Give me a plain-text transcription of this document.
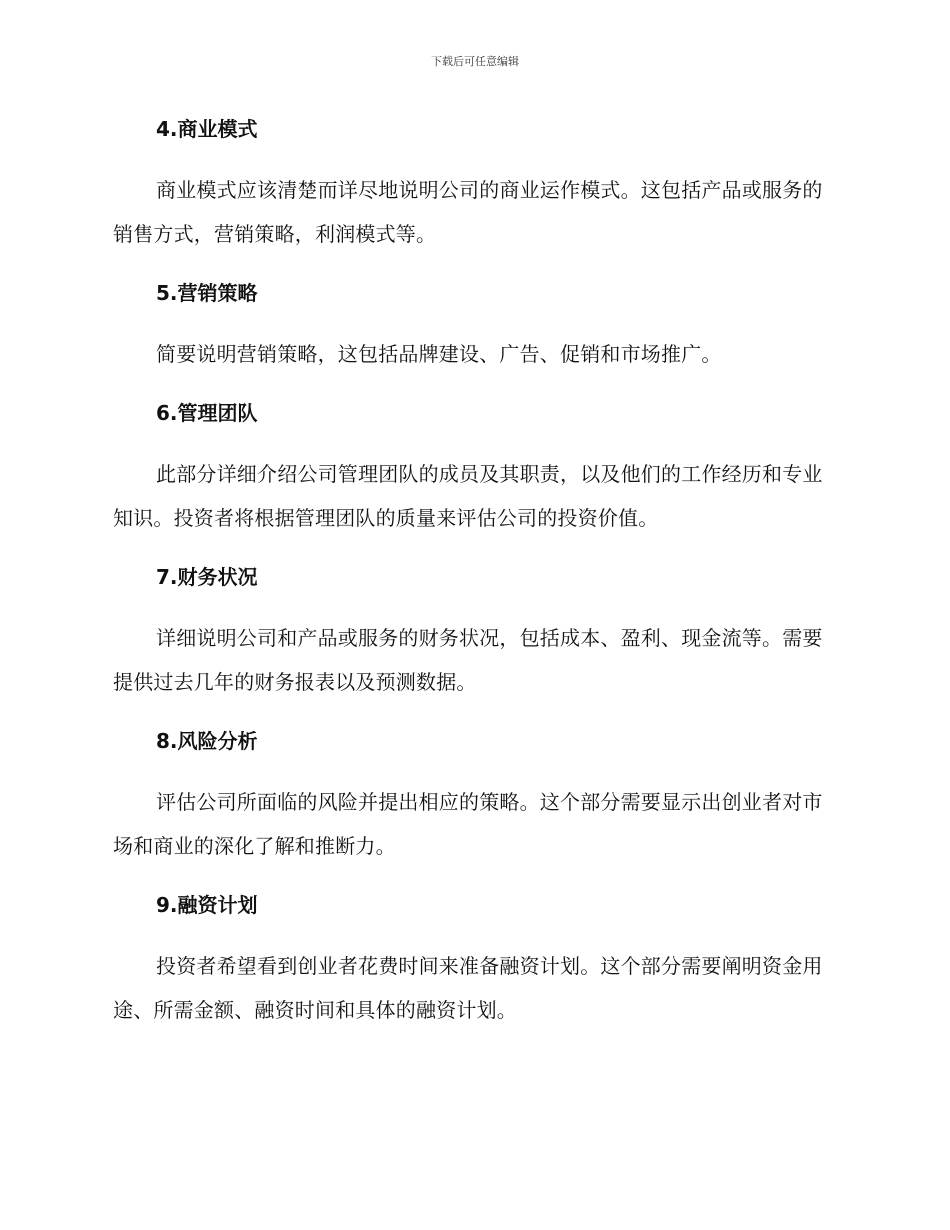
下载后可任意编辑
4.商业模式

商业模式应该清楚而详尽地说明公司的商业运作模式。这包括产品或服务的销售方式，营销策略，利润模式等。

5.营销策略

简要说明营销策略，这包括品牌建设、广告、促销和市场推广。

6.管理团队

此部分详细介绍公司管理团队的成员及其职责，以及他们的工作经历和专业知识。投资者将根据管理团队的质量来评估公司的投资价值。

7.财务状况

详细说明公司和产品或服务的财务状况，包括成本、盈利、现金流等。需要提供过去几年的财务报表以及预测数据。

8.风险分析

评估公司所面临的风险并提出相应的策略。这个部分需要显示出创业者对市场和商业的深化了解和推断力。

9.融资计划

投资者希望看到创业者花费时间来准备融资计划。这个部分需要阐明资金用途、所需金额、融资时间和具体的融资计划。
